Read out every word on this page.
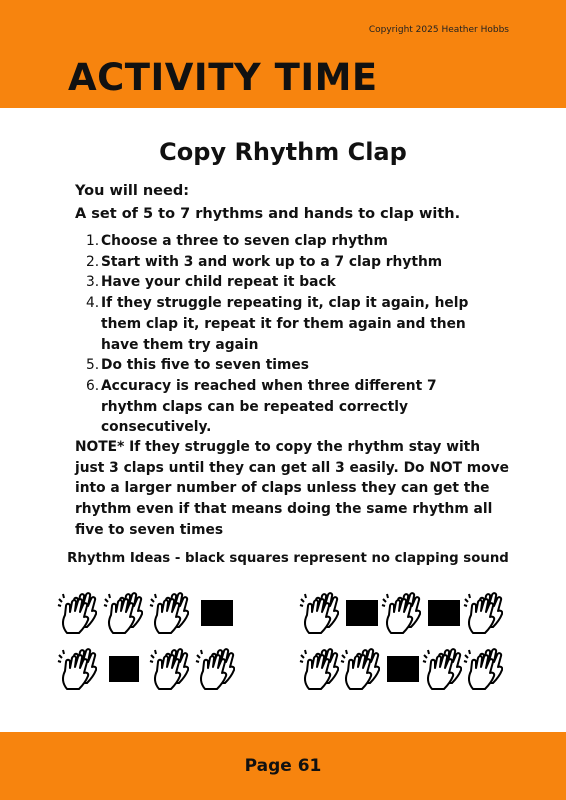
Copyright 2025 Heather Hobbs
ACTIVITY TIME
Copy Rhythm Clap
You will need:
A set of 5 to 7 rhythms and hands to clap with.
1. Choose a three to seven clap rhythm
2. Start with 3 and work up to a 7 clap rhythm
3. Have your child repeat it back
4. If they struggle repeating it, clap it again, help them clap it, repeat it for them again and then have them try again
5. Do this five to seven times
6. Accuracy is reached when three different 7 rhythm claps can be repeated correctly consecutively.
NOTE* If they struggle to copy the rhythm stay with just 3 claps until they can get all 3 easily. Do NOT move into a larger number of claps unless they can get the rhythm even if that means doing the same rhythm all five to seven times
Rhythm Ideas - black squares represent no clapping sound
Page 61
